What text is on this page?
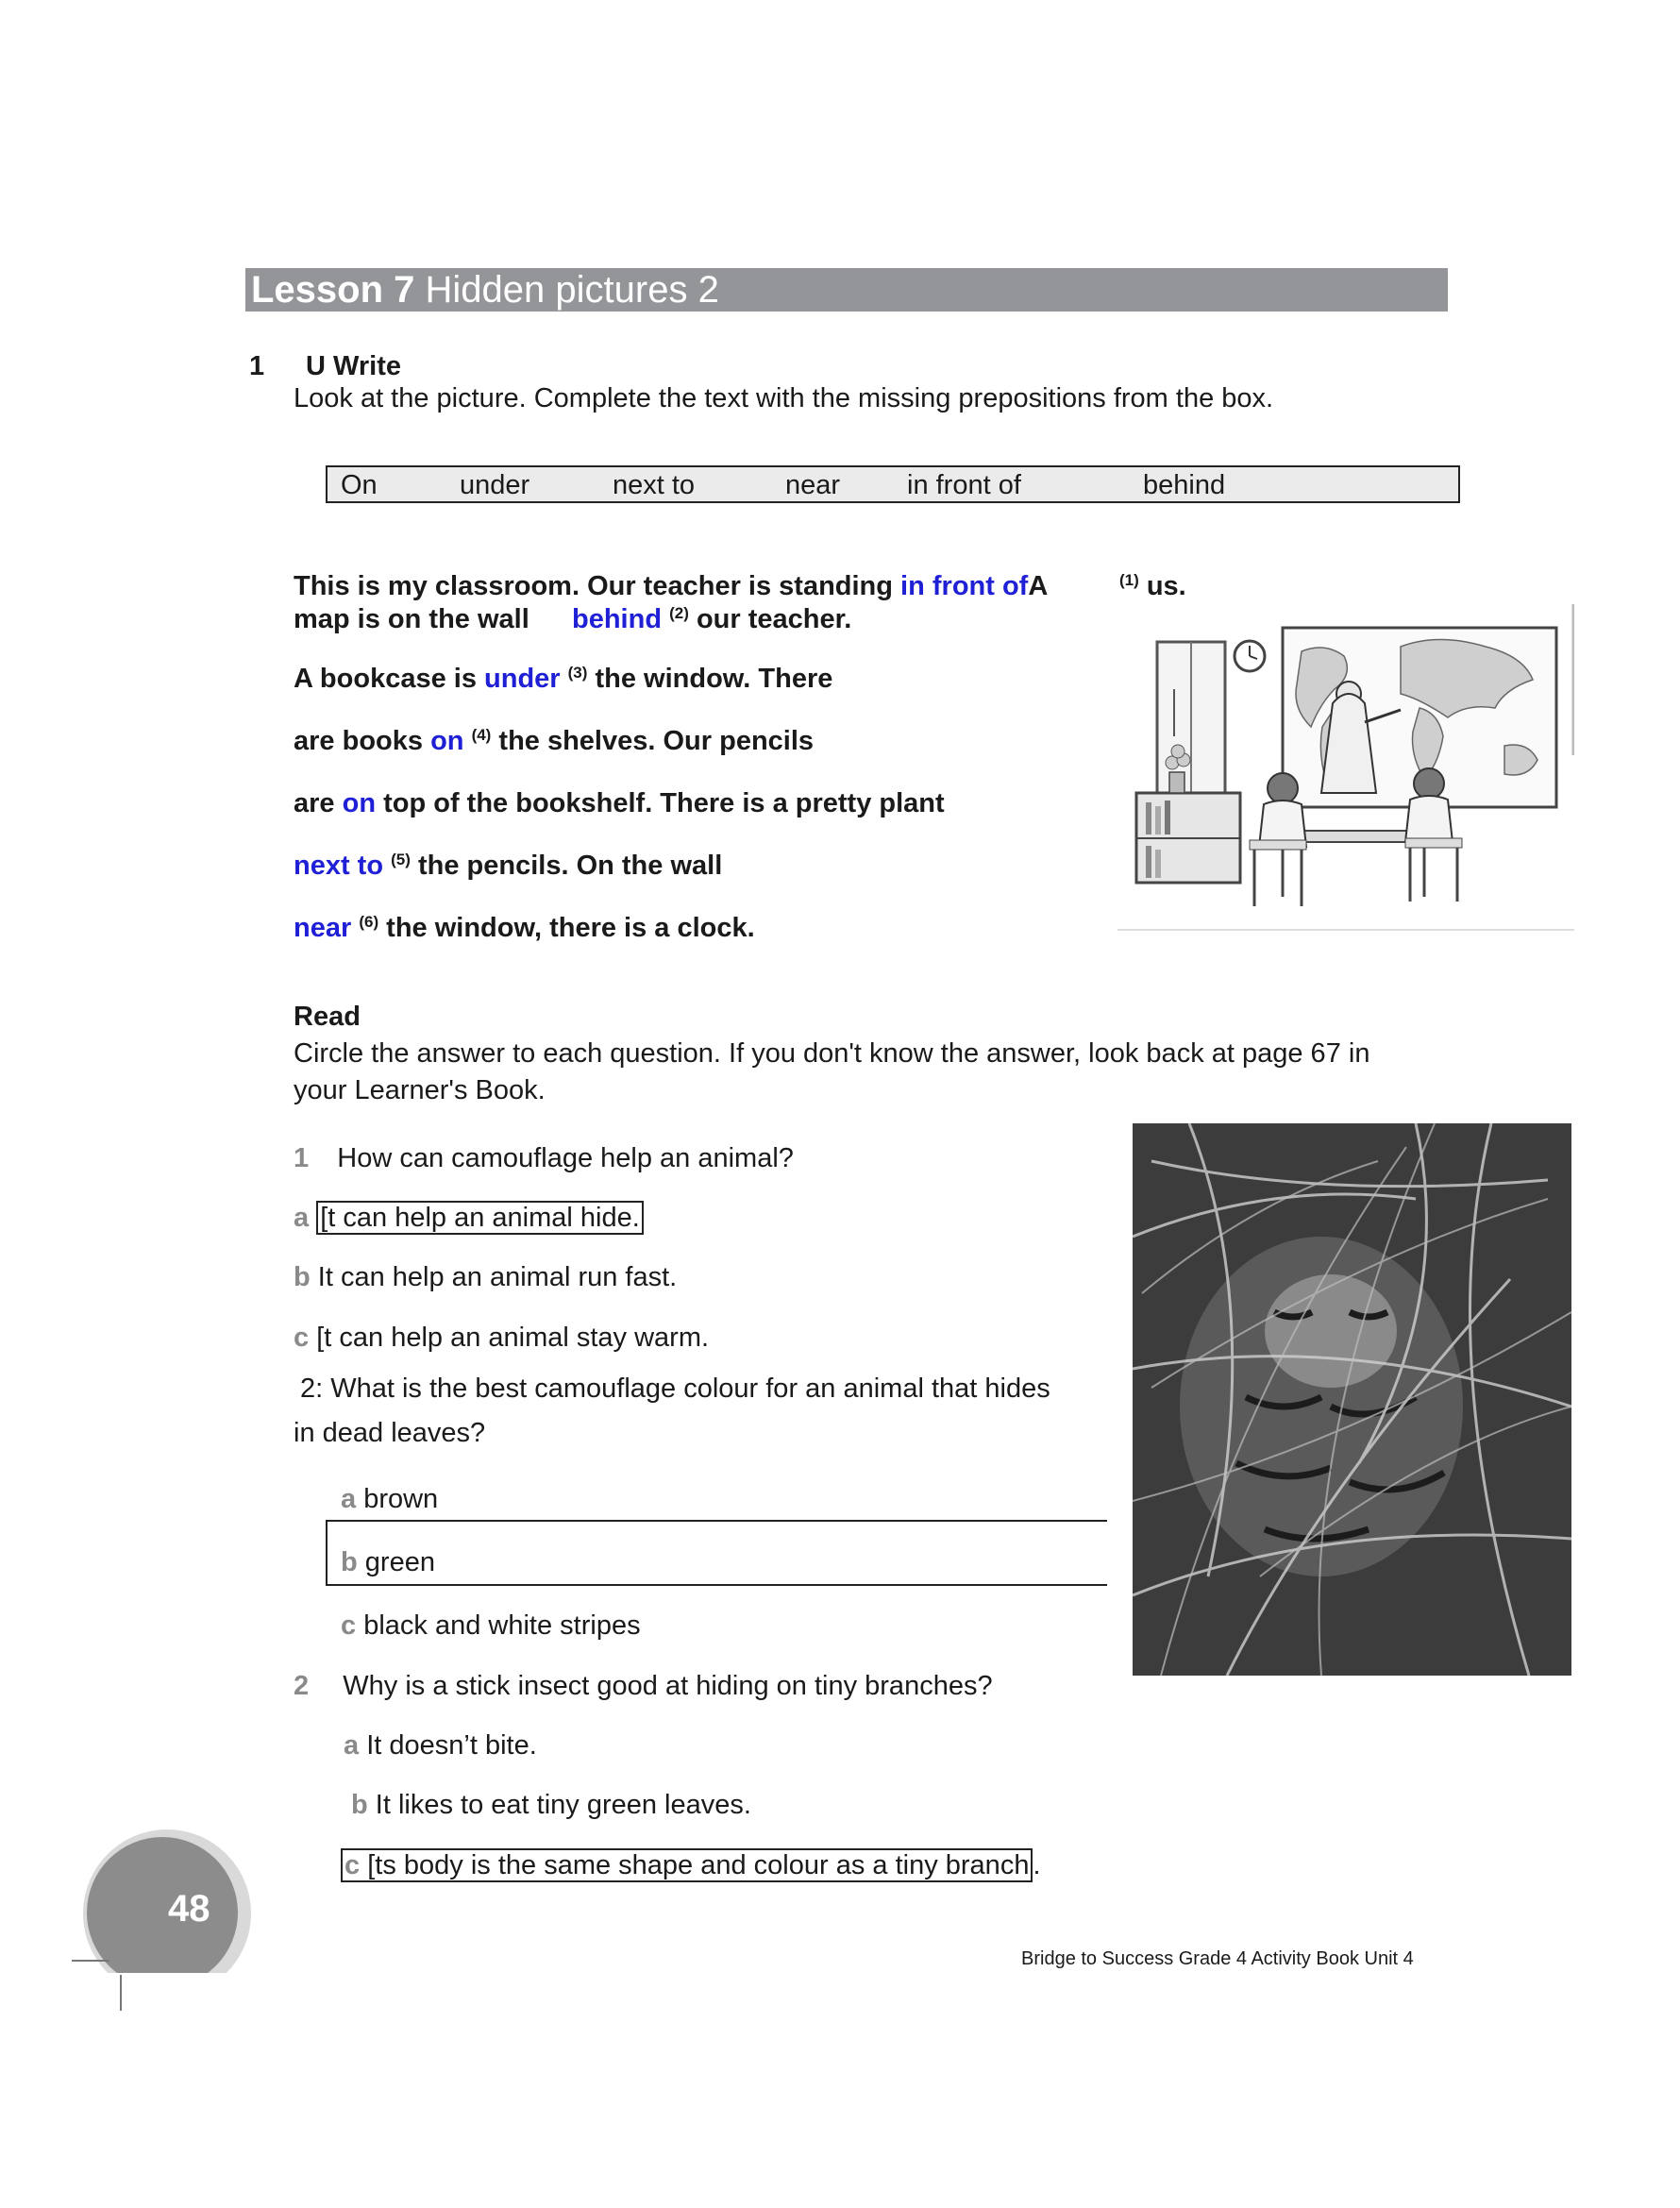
Lesson 7 Hidden pictures 2
1 U Write
Look at the picture. Complete the text with the missing prepositions from the box.
On	under	next to	near in front of	behind
This is my classroom. Our teacher is standing in front ofA	$^{(1)}$ us.
map is on the wall behind $^{(2)}$ our teacher.
A bookcase is under $^{(3)}$ the window. There
are books on $^{(4)}$ the shelves. Our pencils
are on top of the bookshelf. There is a pretty plant
next to $^{(5)}$ the pencils. On the wall
near $^{(6)}$ the window, there is a clock.
Read
Circle the answer to each question. If you don't know the answer, look back at page 67 in
your Learner's Book.
1 How can camouflage help an animal?
a [t can help an animal hide.
b It can help an animal run fast.
c [t can help an animal stay warm.
2: What is the best camouflage colour for an animal that hides
in dead leaves?
a brown
b green
c black and white stripes
2 Why is a stick insect good at hiding on tiny branches?
a It doesn’t bite.
b It likes to eat tiny green leaves.
c [ts body is the same shape and colour as a tiny branch .
48
Bridge to Success Grade 4 Activity Book Unit 4
